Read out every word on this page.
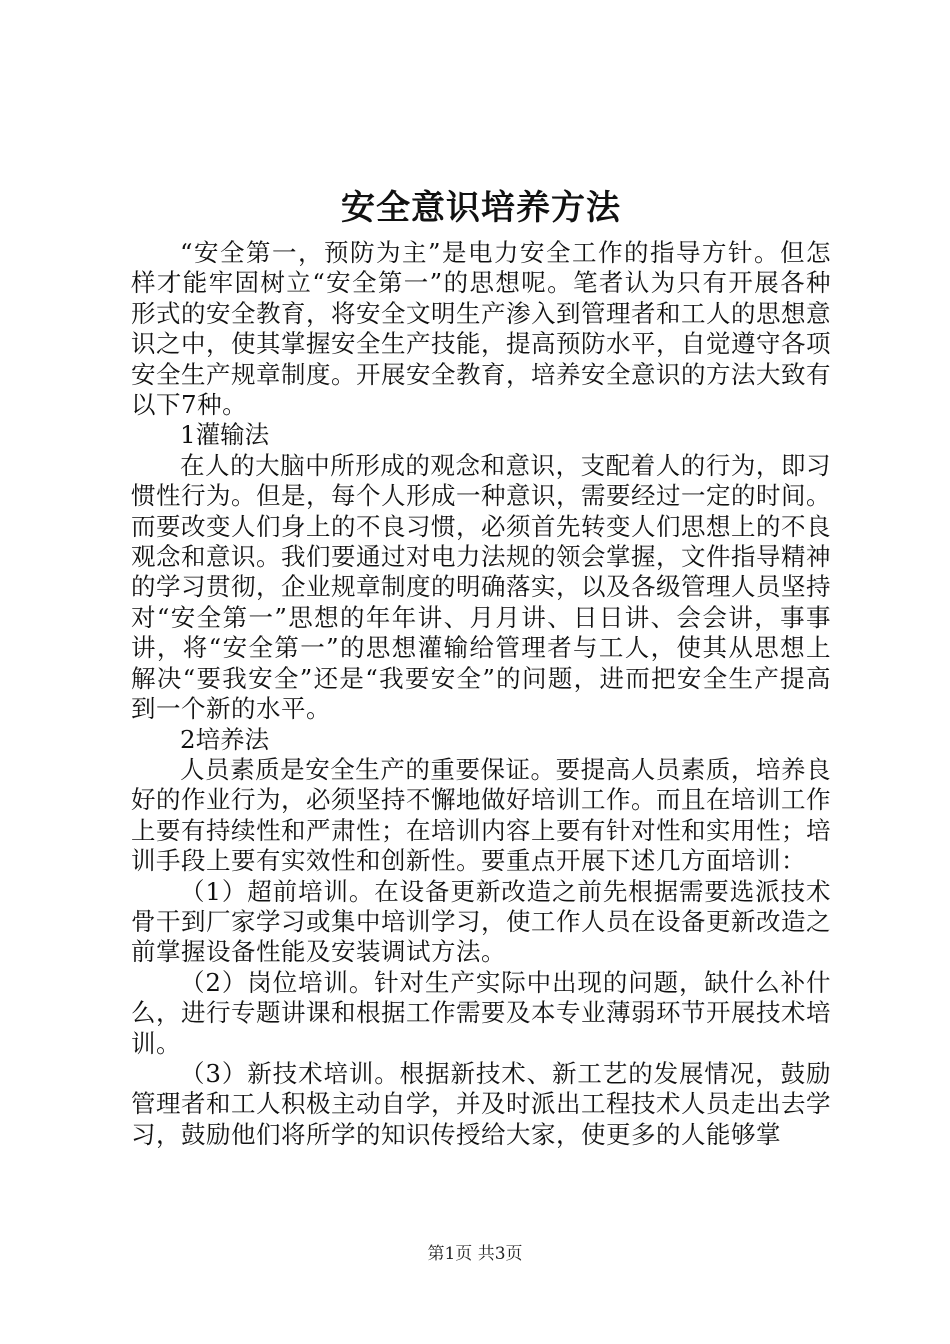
安全意识培养方法

“安全第一，预防为主”是电力安全工作的指导方针。但怎样才能牢固树立“安全第一”的思想呢。笔者认为只有开展各种形式的安全教育，将安全文明生产渗入到管理者和工人的思想意识之中，使其掌握安全生产技能，提高预防水平，自觉遵守各项安全生产规章制度。开展安全教育，培养安全意识的方法大致有以下7种。

1灌输法

在人的大脑中所形成的观念和意识，支配着人的行为，即习惯性行为。但是，每个人形成一种意识，需要经过一定的时间。而要改变人们身上的不良习惯，必须首先转变人们思想上的不良观念和意识。我们要通过对电力法规的领会掌握，文件指导精神的学习贯彻，企业规章制度的明确落实，以及各级管理人员坚持对“安全第一”思想的年年讲、月月讲、日日讲、会会讲，事事讲，将“安全第一”的思想灌输给管理者与工人，使其从思想上解决“要我安全”还是“我要安全”的问题，进而把安全生产提高到一个新的水平。

2培养法

人员素质是安全生产的重要保证。要提高人员素质，培养良好的作业行为，必须坚持不懈地做好培训工作。而且在培训工作上要有持续性和严肃性；在培训内容上要有针对性和实用性；培训手段上要有实效性和创新性。要重点开展下述几方面培训：

（1）超前培训。在设备更新改造之前先根据需要选派技术骨干到厂家学习或集中培训学习，使工作人员在设备更新改造之前掌握设备性能及安装调试方法。

（2）岗位培训。针对生产实际中出现的问题，缺什么补什么，进行专题讲课和根据工作需要及本专业薄弱环节开展技术培训。

（3）新技术培训。根据新技术、新工艺的发展情况，鼓励管理者和工人积极主动自学，并及时派出工程技术人员走出去学习，鼓励他们将所学的知识传授给大家，使更多的人能够掌

第1页 共3页
